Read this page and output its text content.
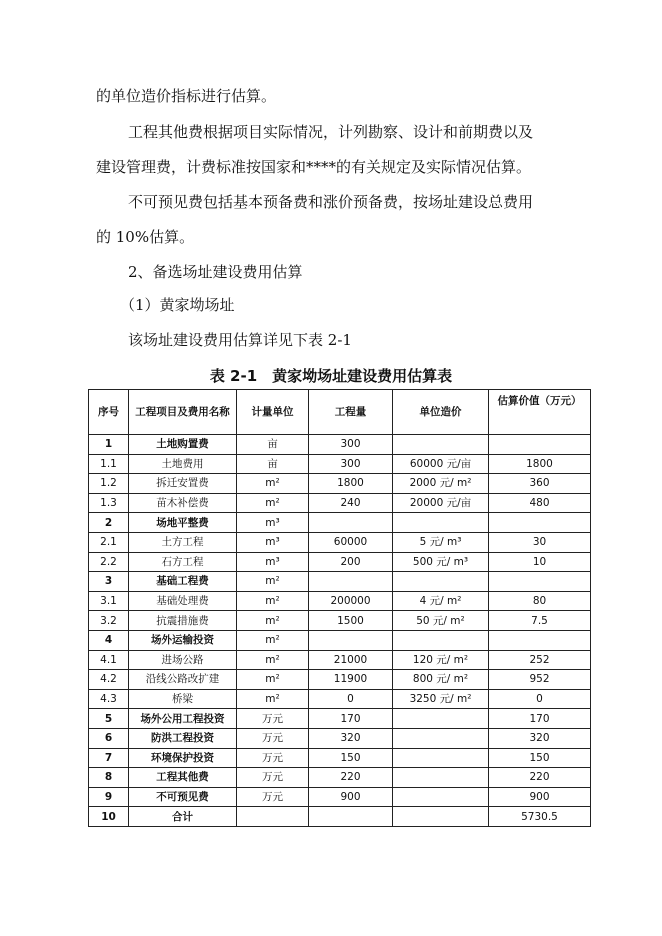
的单位造价指标进行估算。
工程其他费根据项目实际情况，计列勘察、设计和前期费以及
建设管理费，计费标准按国家和****的有关规定及实际情况估算。
不可预见费包括基本预备费和涨价预备费，按场址建设总费用
的 10%估算。
2、备选场址建设费用估算
（1）黄家坳场址
该场址建设费用估算详见下表 2-1
表 2-1　黄家坳场址建设费用估算表
序号	工程项目及费用名称	计量单位	工程量	单位造价	估算价值（万元）
1	土地购置费	亩	300		
1.1	土地费用	亩	300	60000 元/亩	1800
1.2	拆迁安置费	m²	1800	2000 元/ m²	360
1.3	苗木补偿费	m²	240	20000 元/亩	480
2	场地平整费	m³			
2.1	土方工程	m³	60000	5 元/ m³	30
2.2	石方工程	m³	200	500 元/ m³	10
3	基础工程费	m²			
3.1	基础处理费	m²	200000	4 元/ m²	80
3.2	抗震措施费	m²	1500	50 元/ m²	7.5
4	场外运输投资	m²			
4.1	进场公路	m²	21000	120 元/ m²	252
4.2	沿线公路改扩建	m²	11900	800 元/ m²	952
4.3	桥梁	m²	0	3250 元/ m²	0
5	场外公用工程投资	万元	170		170
6	防洪工程投资	万元	320		320
7	环境保护投资	万元	150		150
8	工程其他费	万元	220		220
9	不可预见费	万元	900		900
10	合计				5730.5
